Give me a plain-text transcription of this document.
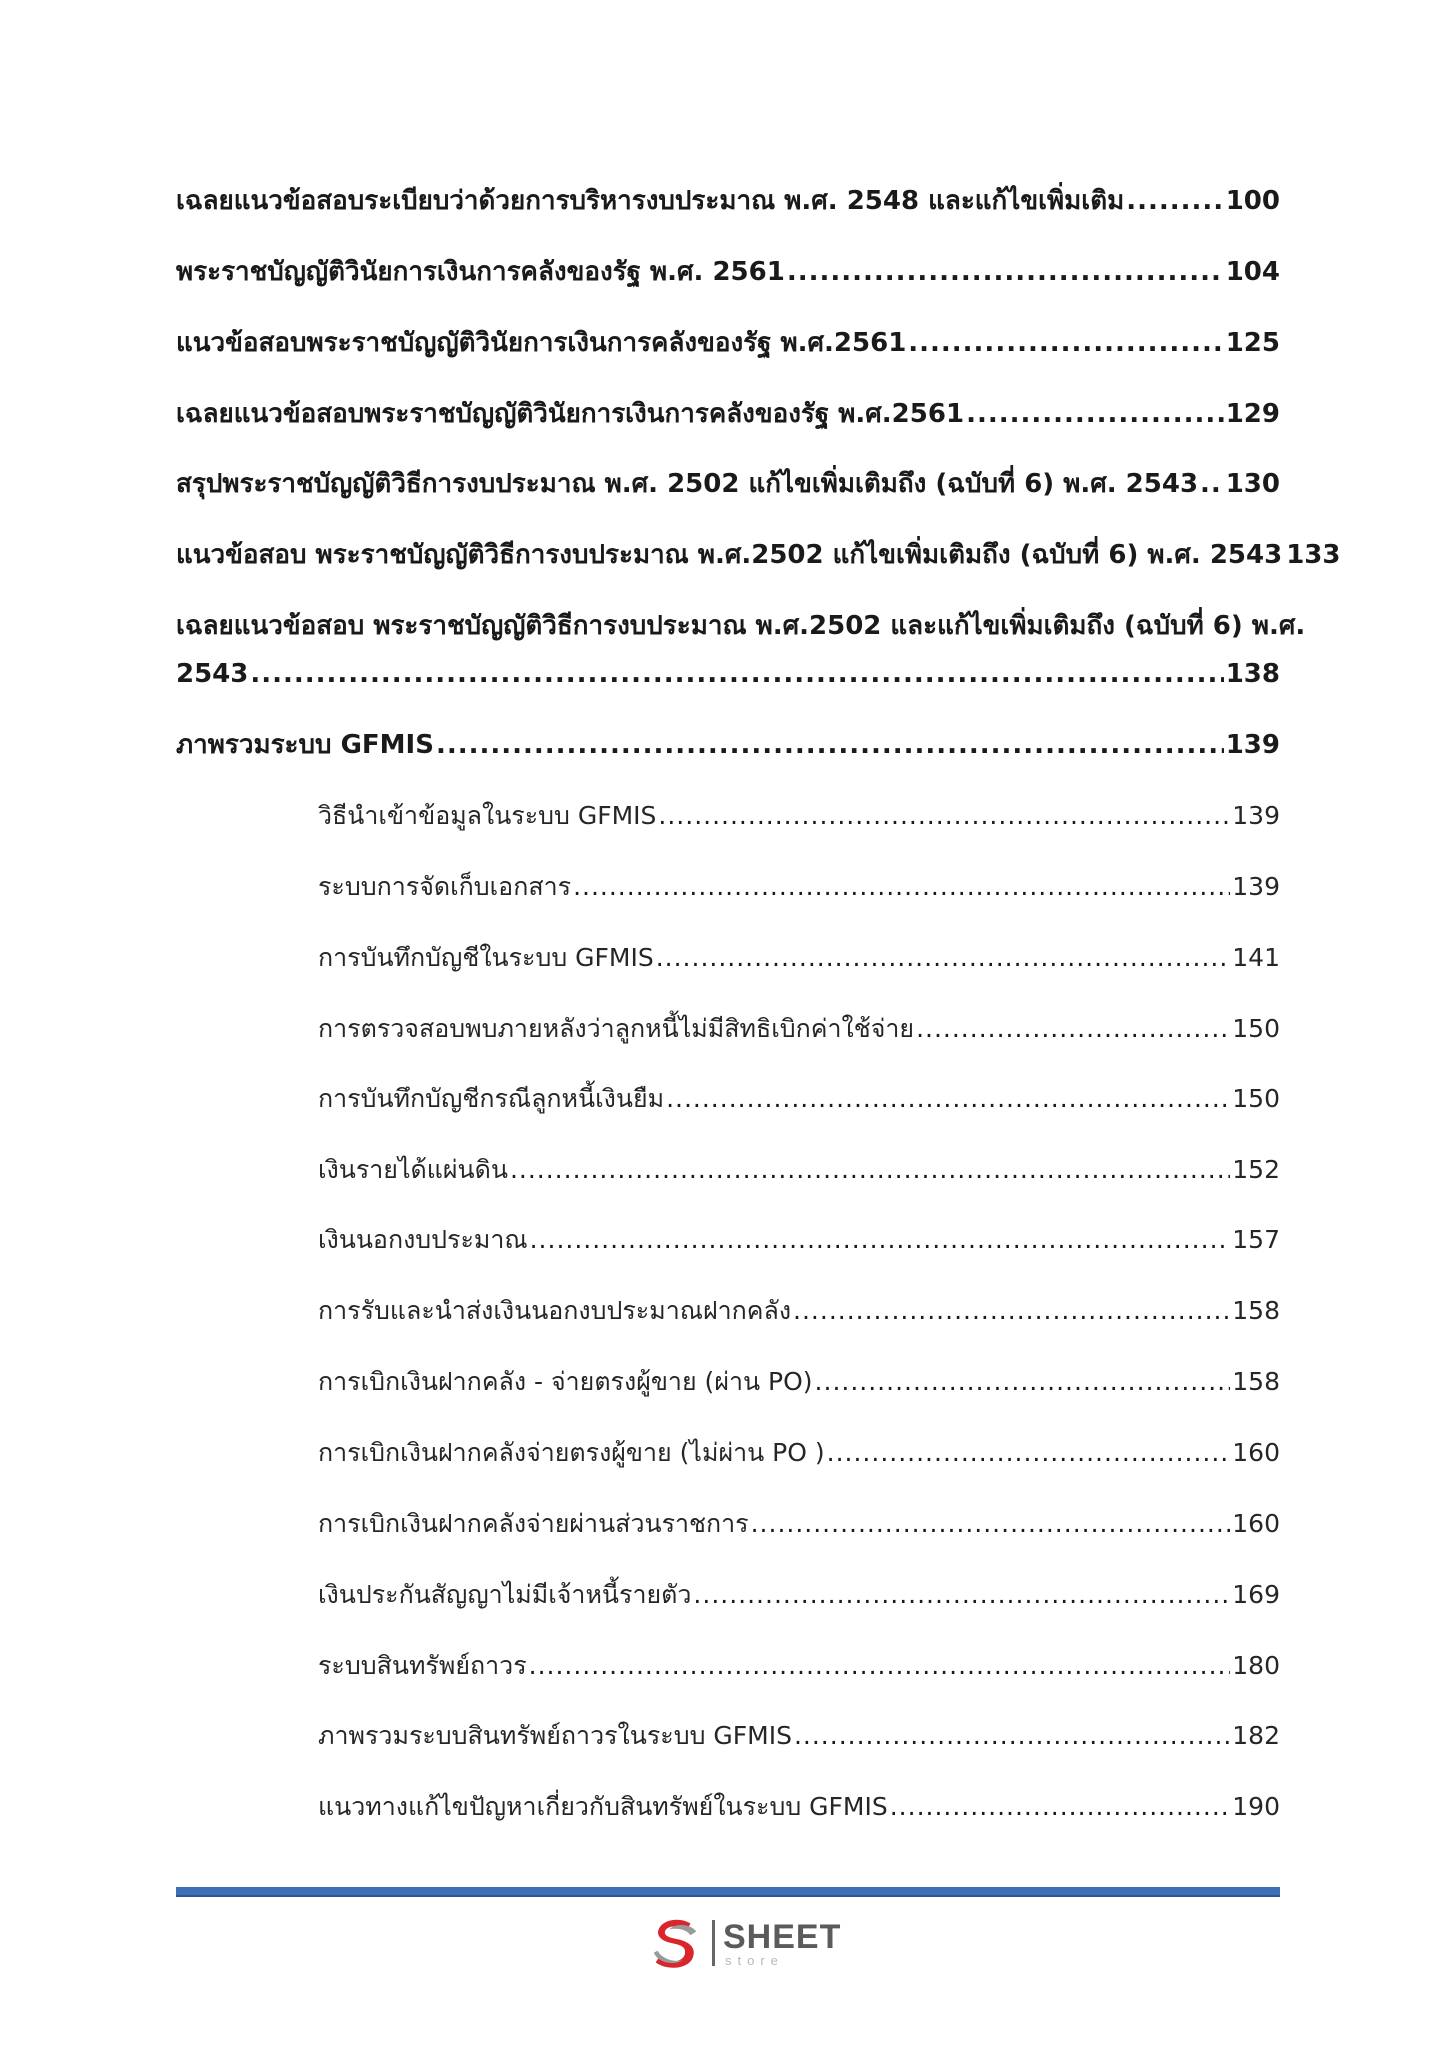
เฉลยแนวข้อสอบระเบียบว่าด้วยการบริหารงบประมาณ พ.ศ. 2548 และแก้ไขเพิ่มเติม .....	100
พระราชบัญญัติวินัยการเงินการคลังของรัฐ พ.ศ. 2561 .....	104
แนวข้อสอบพระราชบัญญัติวินัยการเงินการคลังของรัฐ พ.ศ.2561 .....	125
เฉลยแนวข้อสอบพระราชบัญญัติวินัยการเงินการคลังของรัฐ พ.ศ.2561 .....	129
สรุปพระราชบัญญัติวิธีการงบประมาณ พ.ศ. 2502 แก้ไขเพิ่มเติมถึง (ฉบับที่ 6) พ.ศ. 2543 ..... 130
แนวข้อสอบ พระราชบัญญัติวิธีการงบประมาณ พ.ศ.2502 แก้ไขเพิ่มเติมถึง (ฉบับที่ 6) พ.ศ. 2543 133
เฉลยแนวข้อสอบ พระราชบัญญัติวิธีการงบประมาณ พ.ศ.2502 และแก้ไขเพิ่มเติมถึง (ฉบับที่ 6) พ.ศ.
2543 .....	138
ภาพรวมระบบ GFMIS .....	139
วิธีนำเข้าข้อมูลในระบบ GFMIS .....	139
ระบบการจัดเก็บเอกสาร .....	139
การบันทึกบัญชีในระบบ GFMIS .....	141
การตรวจสอบพบภายหลังว่าลูกหนี้ไม่มีสิทธิเบิกค่าใช้จ่าย .....	150
การบันทึกบัญชีกรณีลูกหนี้เงินยืม .....	150
เงินรายได้แผ่นดิน .....	152
เงินนอกงบประมาณ .....	157
การรับและนำส่งเงินนอกงบประมาณฝากคลัง .....	158
การเบิกเงินฝากคลัง - จ่ายตรงผู้ขาย (ผ่าน PO) .....	158
การเบิกเงินฝากคลังจ่ายตรงผู้ขาย (ไม่ผ่าน PO ) .....	160
การเบิกเงินฝากคลังจ่ายผ่านส่วนราชการ .....	160
เงินประกันสัญญาไม่มีเจ้าหนี้รายตัว .....	169
ระบบสินทรัพย์ถาวร .....	180
ภาพรวมระบบสินทรัพย์ถาวรในระบบ GFMIS .....	182
แนวทางแก้ไขปัญหาเกี่ยวกับสินทรัพย์ในระบบ GFMIS .....	190
SHEET
store
